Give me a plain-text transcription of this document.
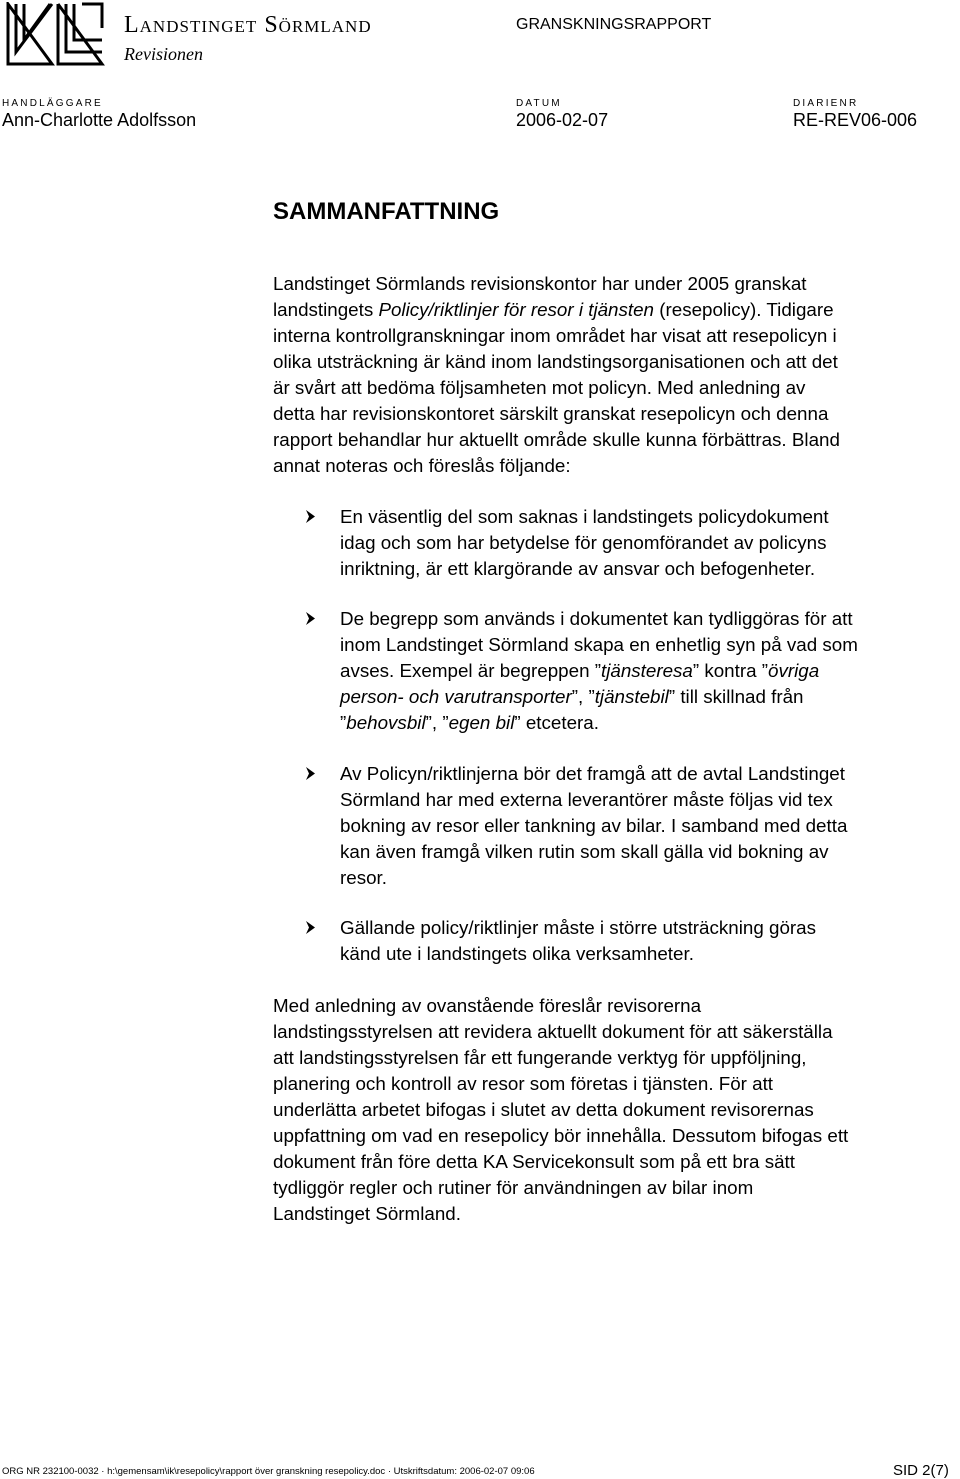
Landstinget Sörmland
Revisionen
GRANSKNINGSRAPPORT
HANDLÄGGARE
Ann-Charlotte Adolfsson
DATUM
2006-02-07
DIARIENR
RE-REV06-006
SAMMANFATTNING
Landstinget Sörmlands revisionskontor har under 2005 granskat
landstingets Policy/riktlinjer för resor i tjänsten (resepolicy). Tidigare
interna kontrollgranskningar inom området har visat att resepolicyn i
olika utsträckning är känd inom landstingsorganisationen och att det
är svårt att bedöma följsamheten mot policyn. Med anledning av
detta har revisionskontoret särskilt granskat resepolicyn och denna
rapport behandlar hur aktuellt område skulle kunna förbättras. Bland
annat noteras och föreslås följande:
En väsentlig del som saknas i landstingets policydokument
idag och som har betydelse för genomförandet av policyns
inriktning, är ett klargörande av ansvar och befogenheter.
De begrepp som används i dokumentet kan tydliggöras för att
inom Landstinget Sörmland skapa en enhetlig syn på vad som
avses. Exempel är begreppen ”tjänsteresa” kontra ”övriga
person- och varutransporter”, ”tjänstebil” till skillnad från
”behovsbil”, ”egen bil” etcetera.
Av Policyn/riktlinjerna bör det framgå att de avtal Landstinget
Sörmland har med externa leverantörer måste följas vid tex
bokning av resor eller tankning av bilar. I samband med detta
kan även framgå vilken rutin som skall gälla vid bokning av
resor.
Gällande policy/riktlinjer måste i större utsträckning göras
känd ute i landstingets olika verksamheter.
Med anledning av ovanstående föreslår revisorerna
landstingsstyrelsen att revidera aktuellt dokument för att säkerställa
att landstingsstyrelsen får ett fungerande verktyg för uppföljning,
planering och kontroll av resor som företas i tjänsten. För att
underlätta arbetet bifogas i slutet av detta dokument revisorernas
uppfattning om vad en resepolicy bör innehålla. Dessutom bifogas ett
dokument från före detta KA Servicekonsult som på ett bra sätt
tydliggör regler och rutiner för användningen av bilar inom
Landstinget Sörmland.
ORG NR 232100-0032 · h:\gemensam\ik\resepolicy\rapport över granskning resepolicy.doc · Utskriftsdatum: 2006-02-07 09:06	SID 2(7)
